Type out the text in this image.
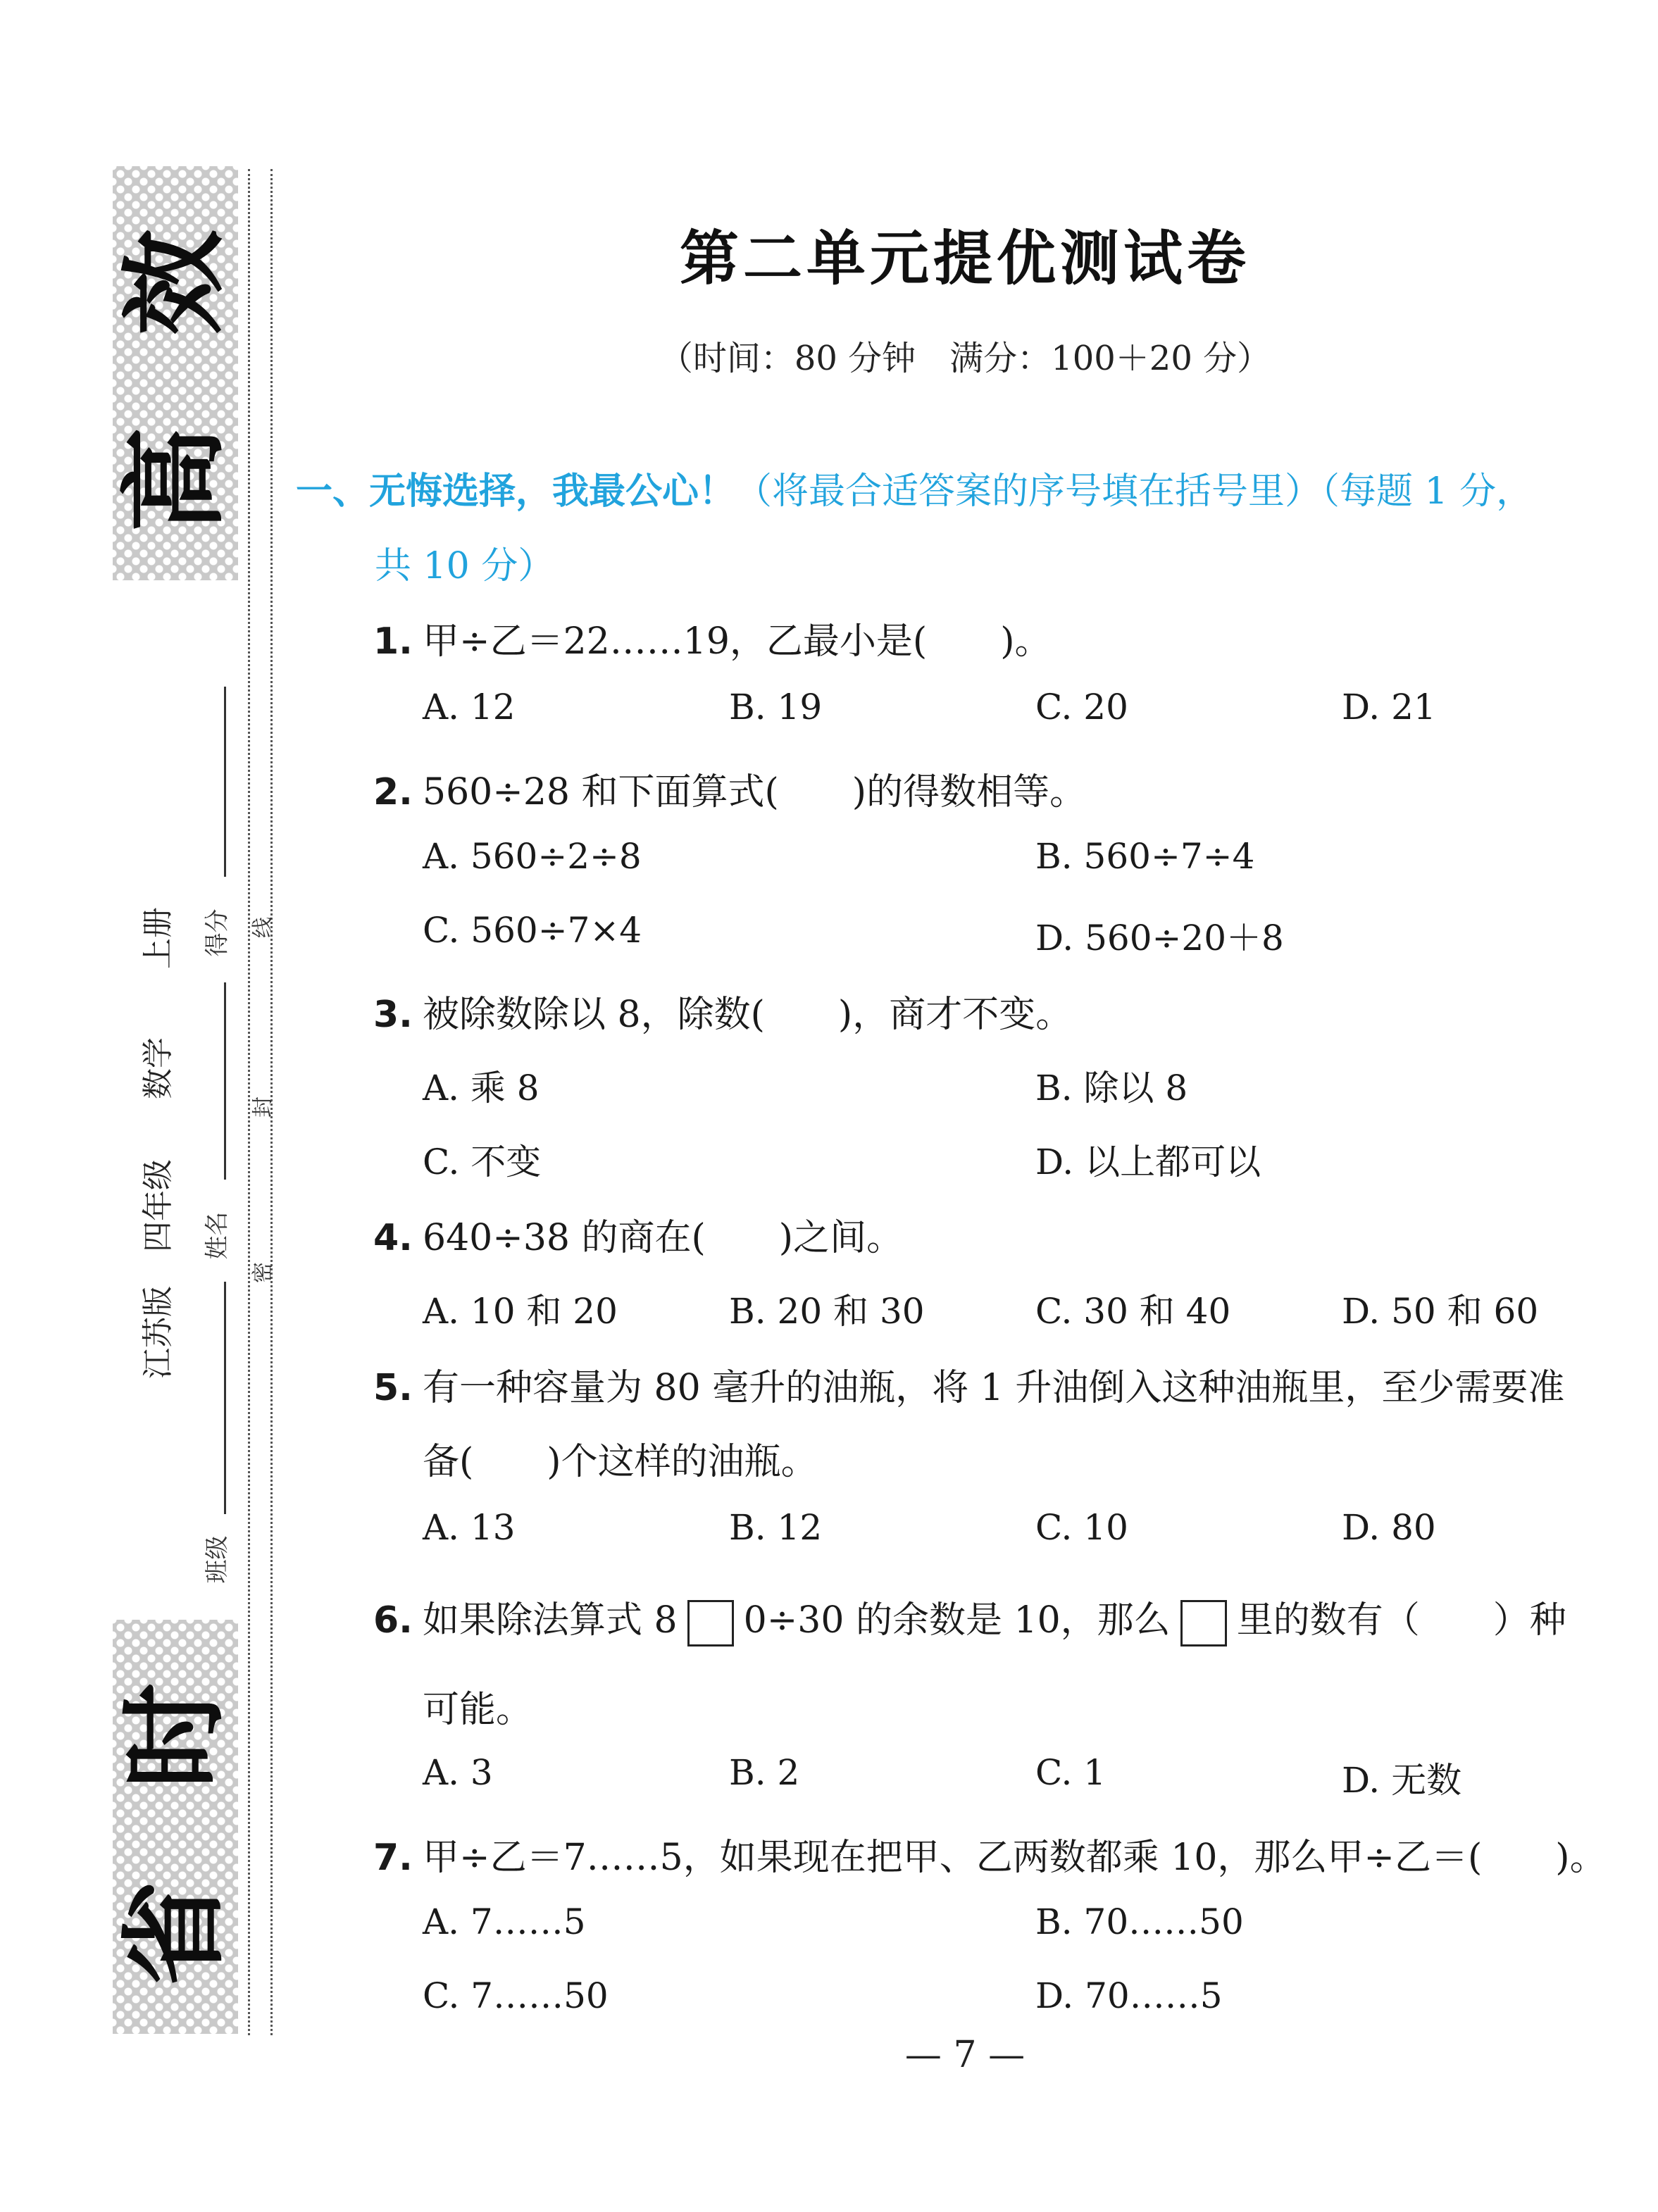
效
高
时
省
上册
数学
四年级
江苏版
得分
姓名
班级
线
封
密
第二单元提优测试卷
（时间：80 分钟　满分：100＋20 分）
一、无悔选择，我最公心！（将最合适答案的序号填在括号里）（每题 1 分，
共 10 分）
1. 甲÷乙＝22……19，乙最小是(　　)。
A. 12	B. 19	C. 20	D. 21
2. 560÷28 和下面算式(　　)的得数相等。
A. 560÷2÷8	B. 560÷7÷4
C. 560÷7×4	D. 560÷20＋8
3. 被除数除以 8，除数(　　)，商才不变。
A. 乘 8	B. 除以 8
C. 不变	D. 以上都可以
4. 640÷38 的商在(　　)之间。
A. 10 和 20	B. 20 和 30	C. 30 和 40	D. 50 和 60
5. 有一种容量为 80 毫升的油瓶，将 1 升油倒入这种油瓶里，至少需要准
备(　　)个这样的油瓶。
A. 13	B. 12	C. 10	D. 80
6. 如果除法算式 8 0÷30 的余数是 10，那么 里的数有（　　）种
可能。
A. 3	B. 2	C. 1	D. 无数
7. 甲÷乙＝7……5，如果现在把甲、乙两数都乘 10，那么甲÷乙＝(　　)。
A. 7……5	B. 70……50
C. 7……50	D. 70……5
— 7 —
